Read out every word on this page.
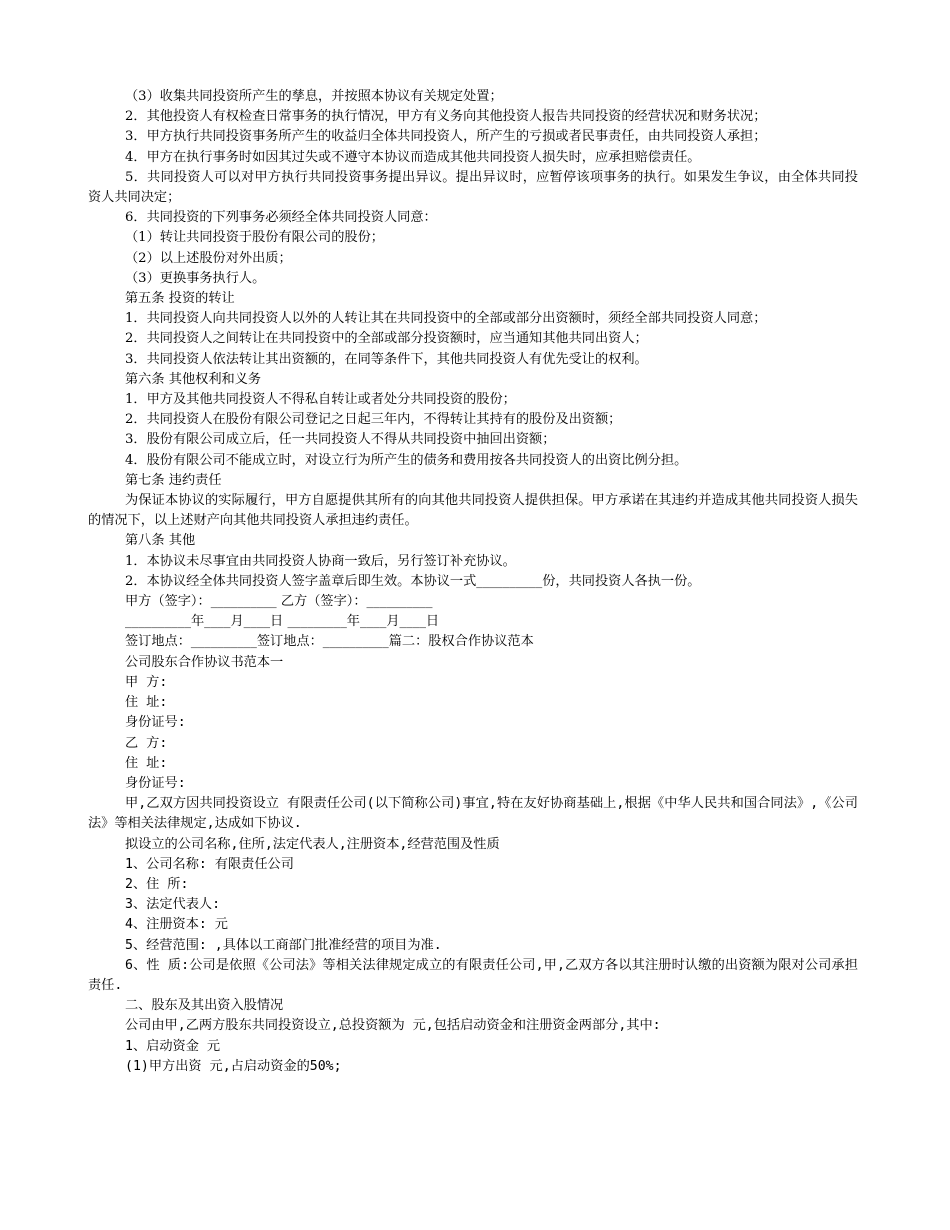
（3）收集共同投资所产生的孳息，并按照本协议有关规定处置；
2．其他投资人有权检查日常事务的执行情况，甲方有义务向其他投资人报告共同投资的经营状况和财务状况；
3．甲方执行共同投资事务所产生的收益归全体共同投资人，所产生的亏损或者民事责任，由共同投资人承担；
4．甲方在执行事务时如因其过失或不遵守本协议而造成其他共同投资人损失时，应承担赔偿责任。
5．共同投资人可以对甲方执行共同投资事务提出异议。提出异议时，应暂停该项事务的执行。如果发生争议，由全体共同投资人共同决定；
6．共同投资的下列事务必须经全体共同投资人同意：
（1）转让共同投资于股份有限公司的股份；
（2）以上述股份对外出质；
（3）更换事务执行人。
第五条 投资的转让
1．共同投资人向共同投资人以外的人转让其在共同投资中的全部或部分出资额时，须经全部共同投资人同意；
2．共同投资人之间转让在共同投资中的全部或部分投资额时，应当通知其他共同出资人；
3．共同投资人依法转让其出资额的，在同等条件下，其他共同投资人有优先受让的权利。
第六条 其他权利和义务
1．甲方及其他共同投资人不得私自转让或者处分共同投资的股份；
2．共同投资人在股份有限公司登记之日起三年内，不得转让其持有的股份及出资额；
3．股份有限公司成立后，任一共同投资人不得从共同投资中抽回出资额；
4．股份有限公司不能成立时，对设立行为所产生的债务和费用按各共同投资人的出资比例分担。
第七条 违约责任
为保证本协议的实际履行，甲方自愿提供其所有的向其他共同投资人提供担保。甲方承诺在其违约并造成其他共同投资人损失的情况下，以上述财产向其他共同投资人承担违约责任。
第八条 其他
1．本协议未尽事宜由共同投资人协商一致后，另行签订补充协议。
2．本协议经全体共同投资人签字盖章后即生效。本协议一式__________份，共同投资人各执一份。
甲方（签字）：__________ 乙方（签字）：__________
__________年____月____日 _________年____月____日
签订地点：__________签订地点：__________篇二：股权合作协议范本
公司股东合作协议书范本一
甲 方:
住 址:
身份证号:
乙 方:
住 址:
身份证号:
甲,乙双方因共同投资设立 有限责任公司(以下简称公司)事宜,特在友好协商基础上,根据《中华人民共和国合同法》,《公司法》等相关法律规定,达成如下协议.
拟设立的公司名称,住所,法定代表人,注册资本,经营范围及性质
1、公司名称: 有限责任公司
2、住 所:
3、法定代表人:
4、注册资本: 元
5、经营范围: ,具体以工商部门批准经营的项目为准.
6、性 质:公司是依照《公司法》等相关法律规定成立的有限责任公司,甲,乙双方各以其注册时认缴的出资额为限对公司承担责任.
二、股东及其出资入股情况
公司由甲,乙两方股东共同投资设立,总投资额为 元,包括启动资金和注册资金两部分,其中:
1、启动资金 元
(1)甲方出资 元,占启动资金的50%;
